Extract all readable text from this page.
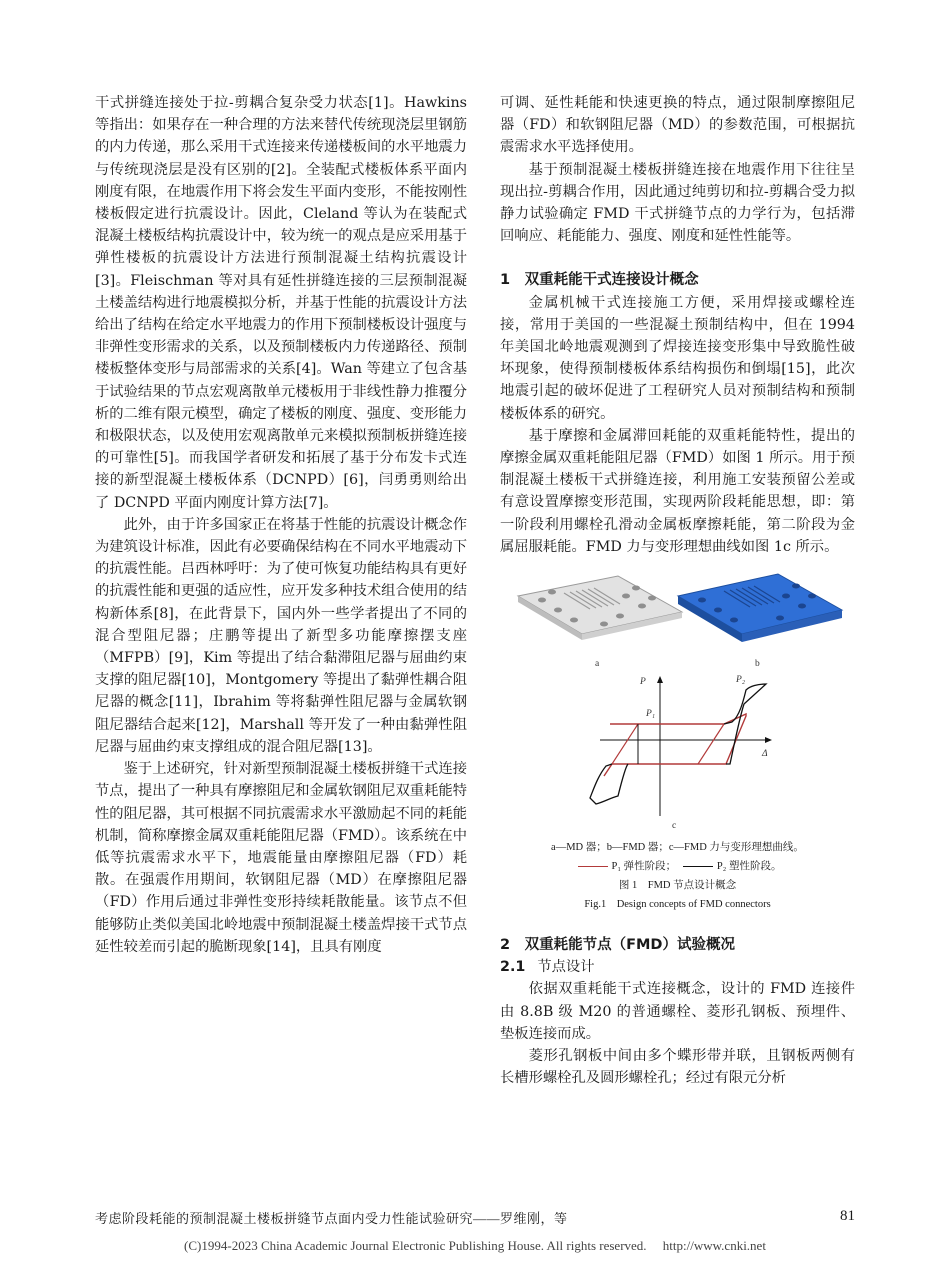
干式拼缝连接处于拉-剪耦合复杂受力状态[1]。Hawkins 等指出：如果存在一种合理的方法来替代传统现浇层里钢筋的内力传递，那么采用干式连接来传递楼板间的水平地震力与传统现浇层是没有区别的[2]。全装配式楼板体系平面内刚度有限，在地震作用下将会发生平面内变形，不能按刚性楼板假定进行抗震设计。因此，Cleland 等认为在装配式混凝土楼板结构抗震设计中，较为统一的观点是应采用基于弹性楼板的抗震设计方法进行预制混凝土结构抗震设计[3]。Fleischman 等对具有延性拼缝连接的三层预制混凝土楼盖结构进行地震模拟分析，并基于性能的抗震设计方法给出了结构在给定水平地震力的作用下预制楼板设计强度与非弹性变形需求的关系，以及预制楼板内力传递路径、预制楼板整体变形与局部需求的关系[4]。Wan 等建立了包含基于试验结果的节点宏观离散单元楼板用于非线性静力推覆分析的二维有限元模型，确定了楼板的刚度、强度、变形能力和极限状态，以及使用宏观离散单元来模拟预制板拼缝连接的可靠性[5]。而我国学者研发和拓展了基于分布发卡式连接的新型混凝土楼板体系（DCNPD）[6]，闫勇勇则给出了 DCNPD 平面内刚度计算方法[7]。

此外，由于许多国家正在将基于性能的抗震设计概念作为建筑设计标准，因此有必要确保结构在不同水平地震动下的抗震性能。吕西林呼吁：为了使可恢复功能结构具有更好的抗震性能和更强的适应性，应开发多种技术组合使用的结构新体系[8]，在此背景下，国内外一些学者提出了不同的混合型阻尼器；庄鹏等提出了新型多功能摩擦摆支座（MFPB）[9]，Kim 等提出了结合黏滞阻尼器与屈曲约束支撑的阻尼器[10]，Montgomery 等提出了黏弹性耦合阻尼器的概念[11]，Ibrahim 等将黏弹性阻尼器与金属软钢阻尼器结合起来[12]，Marshall 等开发了一种由黏弹性阻尼器与屈曲约束支撑组成的混合阻尼器[13]。

鉴于上述研究，针对新型预制混凝土楼板拼缝干式连接节点，提出了一种具有摩擦阻尼和金属软钢阻尼双重耗能特性的阻尼器，其可根据不同抗震需求水平激励起不同的耗能机制，简称摩擦金属双重耗能阻尼器（FMD）。该系统在中低等抗震需求水平下，地震能量由摩擦阻尼器（FD）耗散。在强震作用期间，软钢阻尼器（MD）在摩擦阻尼器（FD）作用后通过非弹性变形持续耗散能量。该节点不但能够防止类似美国北岭地震中预制混凝土楼盖焊接干式节点延性较差而引起的脆断现象[14]，且具有刚度

可调、延性耗能和快速更换的特点，通过限制摩擦阻尼器（FD）和软钢阻尼器（MD）的参数范围，可根据抗震需求水平选择使用。

基于预制混凝土楼板拼缝连接在地震作用下往往呈现出拉-剪耦合作用，因此通过纯剪切和拉-剪耦合受力拟静力试验确定 FMD 干式拼缝节点的力学行为，包括滞回响应、耗能能力、强度、刚度和延性性能等。

1　双重耗能干式连接设计概念

金属机械干式连接施工方便，采用焊接或螺栓连接，常用于美国的一些混凝土预制结构中，但在 1994 年美国北岭地震观测到了焊接连接变形集中导致脆性破坏现象，使得预制楼板体系结构损伤和倒塌[15]，此次地震引起的破坏促进了工程研究人员对预制结构和预制楼板体系的研究。

基于摩擦和金属滞回耗能的双重耗能特性，提出的摩擦金属双重耗能阻尼器（FMD）如图 1 所示。用于预制混凝土楼板干式拼缝连接，利用施工安装预留公差或有意设置摩擦变形范围，实现两阶段耗能思想，即：第一阶段利用螺栓孔滑动金属板摩擦耗能，第二阶段为金属屈服耗能。FMD 力与变形理想曲线如图 1c 所示。

a	b
P
Δ
P₁
P₂
c

a—MD 器；b—FMD 器；c—FMD 力与变形理想曲线。

P₁ 弹性阶段；	P₂ 塑性阶段。

图 1　FMD 节点设计概念

Fig.1　Design concepts of FMD connectors

2　双重耗能节点（FMD）试验概况

2.1 节点设计

依据双重耗能干式连接概念，设计的 FMD 连接件由 8.8B 级 M20 的普通螺栓、菱形孔钢板、预埋件、垫板连接而成。

菱形孔钢板中间由多个蝶形带并联，且钢板两侧有长槽形螺栓孔及圆形螺栓孔；经过有限元分析

考虑阶段耗能的预制混凝土楼板拼缝节点面内受力性能试验研究——罗维刚，等	81
(C)1994-2023 China Academic Journal Electronic Publishing House. All rights reserved.　 http://www.cnki.net
